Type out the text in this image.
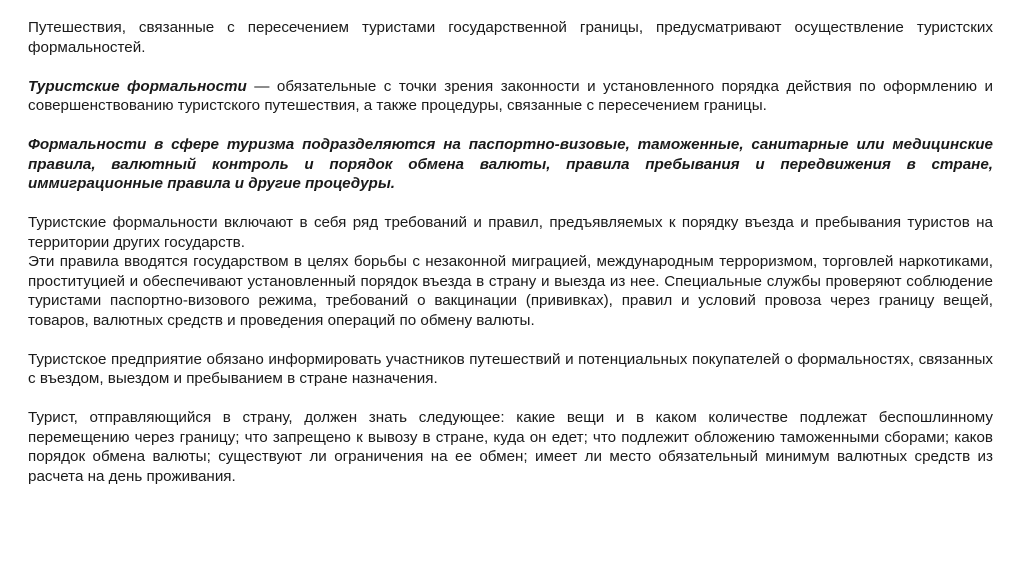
Путешествия, связанные с пересечением туристами государственной границы, предусматривают осуществление туристских формальностей.

Туристские формальности — обязательные с точки зрения законности и установленного порядка действия по оформлению и совершенствованию туристского путешествия, а также процедуры, связанные с пересечением границы.

Формальности в сфере туризма подразделяются на паспортно-визовые, таможенные, санитарные или медицинские правила, валютный контроль и порядок обмена валюты, правила пребывания и передвижения в стране, иммиграционные правила и другие процедуры.

Туристские формальности включают в себя ряд требований и правил, предъявляемых к порядку въезда и пребывания туристов на территории других государств.

Эти правила вводятся государством в целях борьбы с незаконной миграцией, международным терроризмом, торговлей наркотиками, проституцией и обеспечивают установленный порядок въезда в страну и выезда из нее. Специальные службы проверяют соблюдение туристами паспортно-визового режима, требований о вакцинации (прививках), правил и условий провоза через границу вещей, товаров, валютных средств и проведения операций по обмену валюты.

Туристское предприятие обязано информировать участников путешествий и потенциальных покупателей о формальностях, связанных с въездом, выездом и пребыванием в стране назначения.

Турист, отправляющийся в страну, должен знать следующее: какие вещи и в каком количестве подлежат беспошлинному перемещению через границу; что запрещено к вывозу в стране, куда он едет; что подлежит обложению таможенными сборами; каков порядок обмена валюты; существуют ли ограничения на ее обмен; имеет ли место обязательный минимум валютных средств из расчета на день проживания.
